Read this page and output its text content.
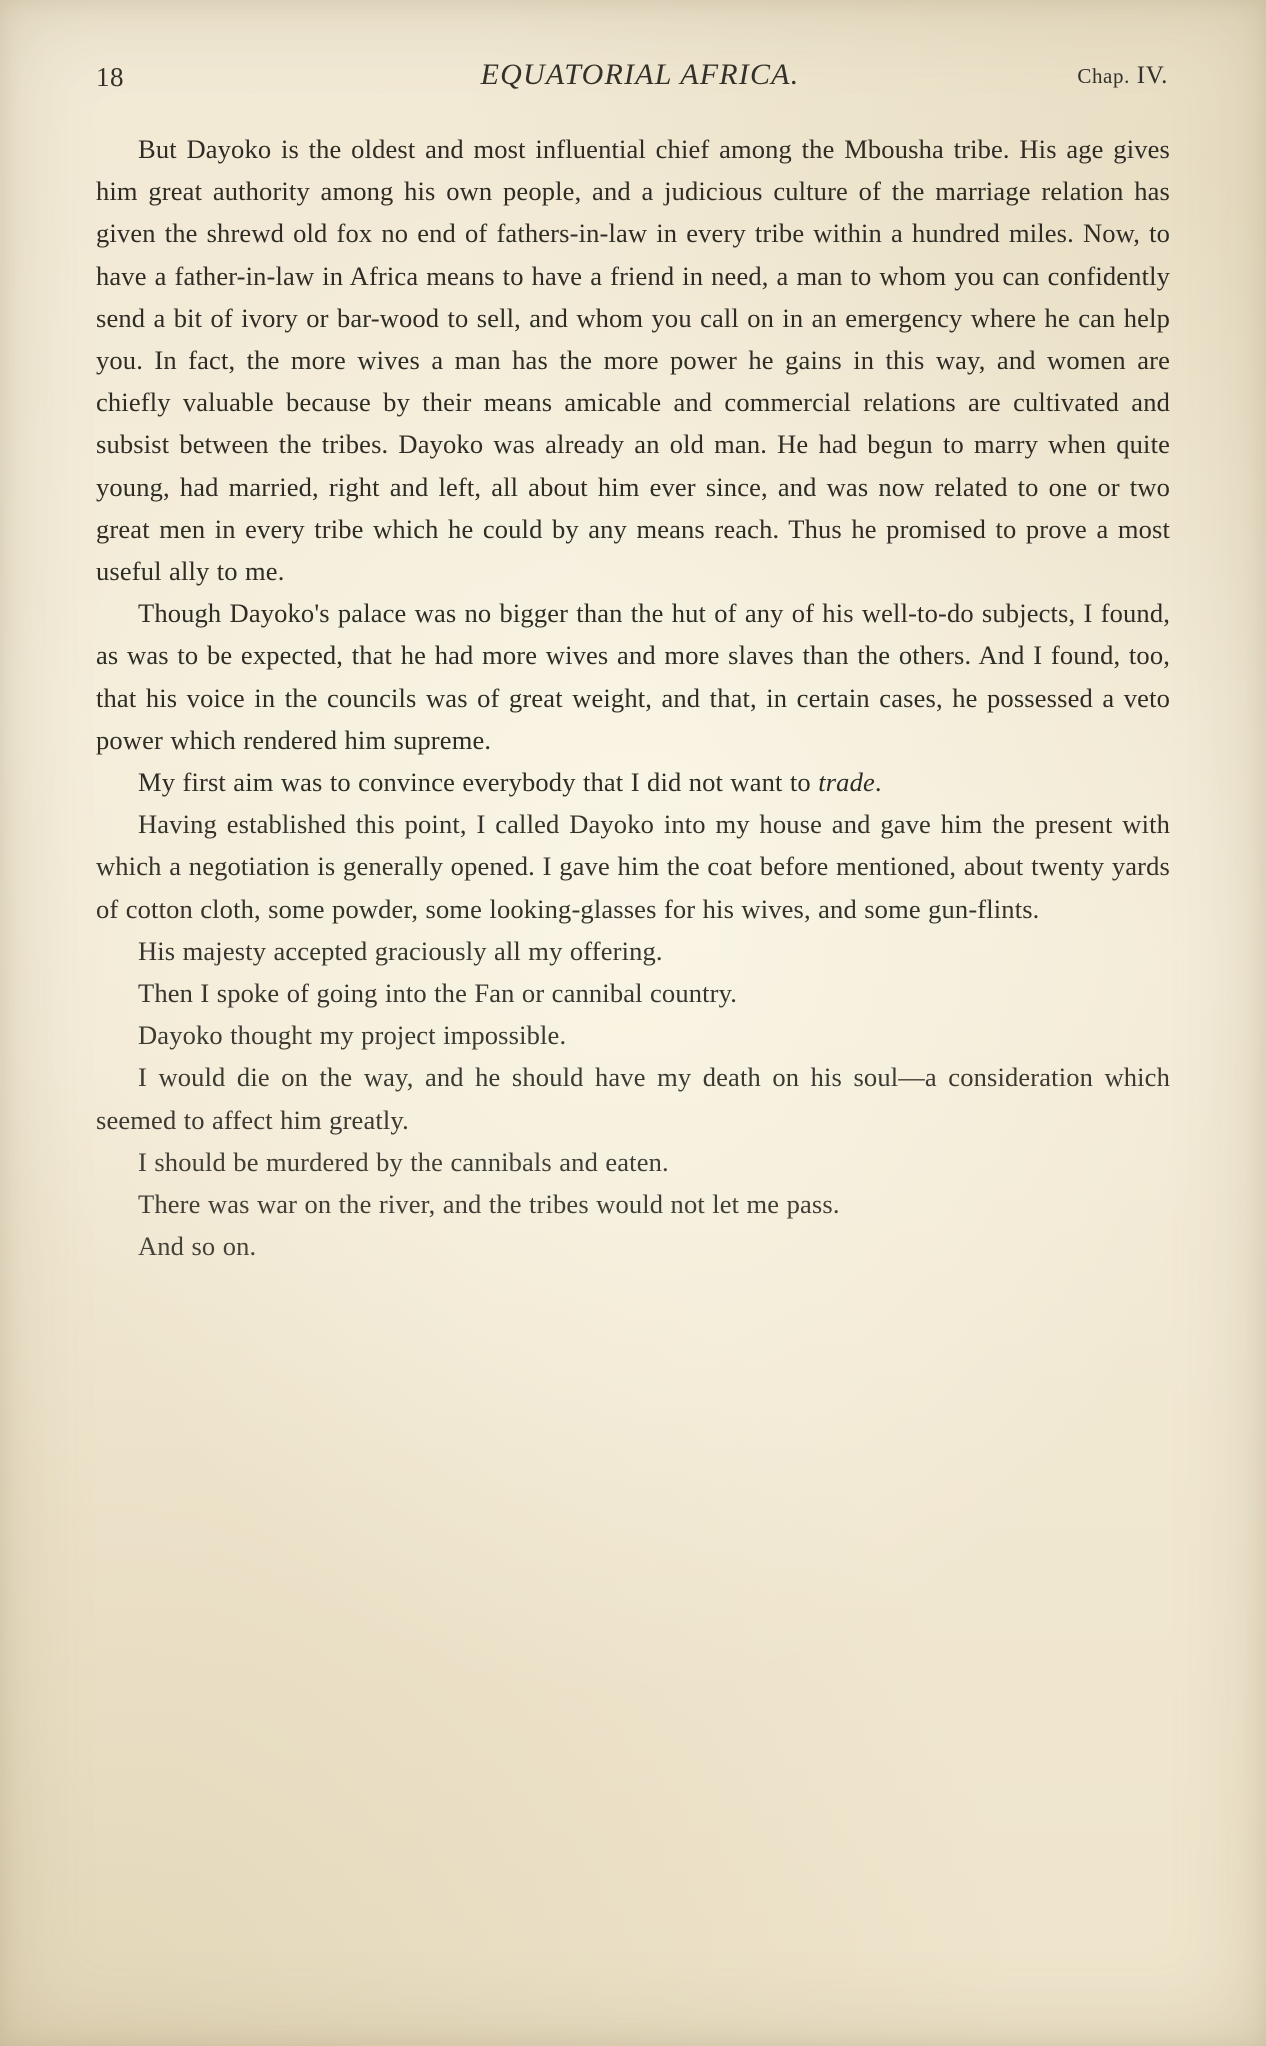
18	EQUATORIAL AFRICA.	Chap. IV.

But Dayoko is the oldest and most influential chief among the Mbousha tribe. His age gives him great authority among his own people, and a judicious culture of the marriage relation has given the shrewd old fox no end of fathers-in-law in every tribe within a hundred miles. Now, to have a father-in-law in Africa means to have a friend in need, a man to whom you can confidently send a bit of ivory or bar-wood to sell, and whom you call on in an emergency where he can help you. In fact, the more wives a man has the more power he gains in this way, and women are chiefly valuable because by their means amicable and commercial relations are cultivated and subsist between the tribes. Dayoko was already an old man. He had begun to marry when quite young, had married, right and left, all about him ever since, and was now related to one or two great men in every tribe which he could by any means reach. Thus he promised to prove a most useful ally to me.

Though Dayoko's palace was no bigger than the hut of any of his well-to-do subjects, I found, as was to be expected, that he had more wives and more slaves than the others. And I found, too, that his voice in the councils was of great weight, and that, in certain cases, he possessed a veto power which rendered him supreme.

My first aim was to convince everybody that I did not want to trade.

Having established this point, I called Dayoko into my house and gave him the present with which a negotiation is generally opened. I gave him the coat before mentioned, about twenty yards of cotton cloth, some powder, some looking-glasses for his wives, and some gun-flints.

His majesty accepted graciously all my offering.

Then I spoke of going into the Fan or cannibal country.

Dayoko thought my project impossible.

I would die on the way, and he should have my death on his soul—a consideration which seemed to affect him greatly.

I should be murdered by the cannibals and eaten.

There was war on the river, and the tribes would not let me pass.

And so on.
